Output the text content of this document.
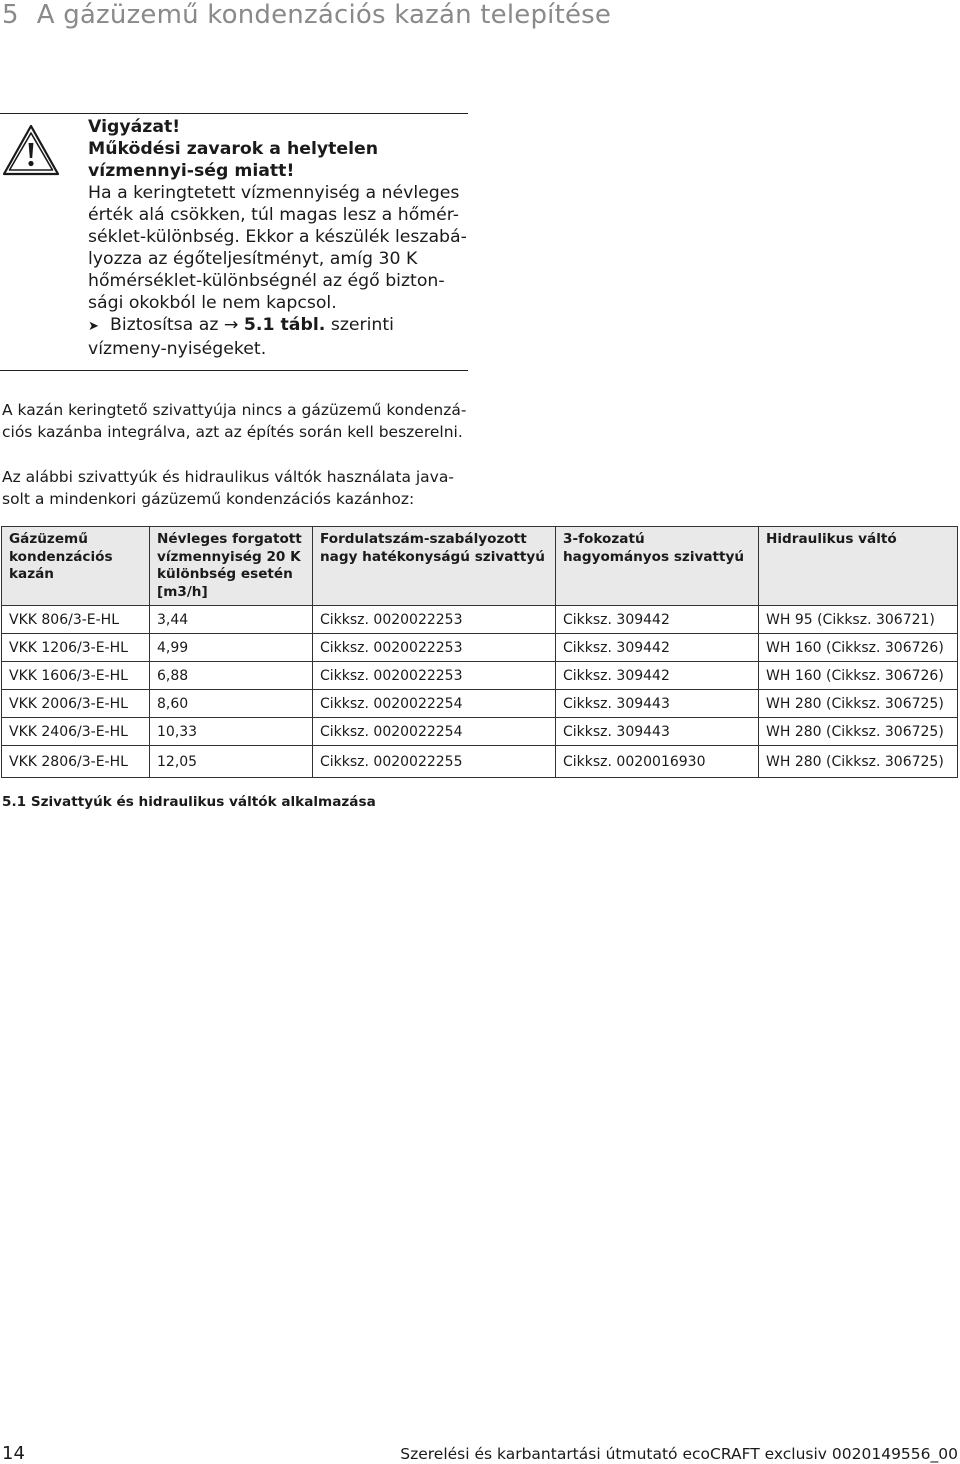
5 A gázüzemű kondenzációs kazán telepítése
Vigyázat!
Működési zavarok a helytelen vízmennyi-ség miatt!
Ha a keringtetett vízmennyiség a névleges érték alá csökken, túl magas lesz a hőmér-séklet-különbség. Ekkor a készülék leszabá-lyozza az égőteljesítményt, amíg 30 K hőmérséklet-különbségnél az égő bizton-sági okokból le nem kapcsol.
➤ Biztosítsa az → 5.1 tábl. szerinti vízmeny-nyiségeket.
A kazán keringtető szivattyúja nincs a gázüzemű kondenzá-ciós kazánba integrálva, azt az építés során kell beszerelni.
Az alábbi szivattyúk és hidraulikus váltók használata java-solt a mindenkori gázüzemű kondenzációs kazánhoz:
Gázüzemű kondenzációs kazán	Névleges forgatott vízmennyiség 20 K különbség esetén [m3/h]	Fordulatszám-szabályozott nagy hatékonyságú szivattyú	3-fokozatú hagyományos szivattyú	Hidraulikus váltó
VKK 806/3-E-HL	3,44	Cikksz. 0020022253	Cikksz. 309442	WH 95 (Cikksz. 306721)
VKK 1206/3-E-HL	4,99	Cikksz. 0020022253	Cikksz. 309442	WH 160 (Cikksz. 306726)
VKK 1606/3-E-HL	6,88	Cikksz. 0020022253	Cikksz. 309442	WH 160 (Cikksz. 306726)
VKK 2006/3-E-HL	8,60	Cikksz. 0020022254	Cikksz. 309443	WH 280 (Cikksz. 306725)
VKK 2406/3-E-HL	10,33	Cikksz. 0020022254	Cikksz. 309443	WH 280 (Cikksz. 306725)
VKK 2806/3-E-HL	12,05	Cikksz. 0020022255	Cikksz. 0020016930	WH 280 (Cikksz. 306725)
5.1 Szivattyúk és hidraulikus váltók alkalmazása
14	Szerelési és karbantartási útmutató ecoCRAFT exclusiv 0020149556_00
